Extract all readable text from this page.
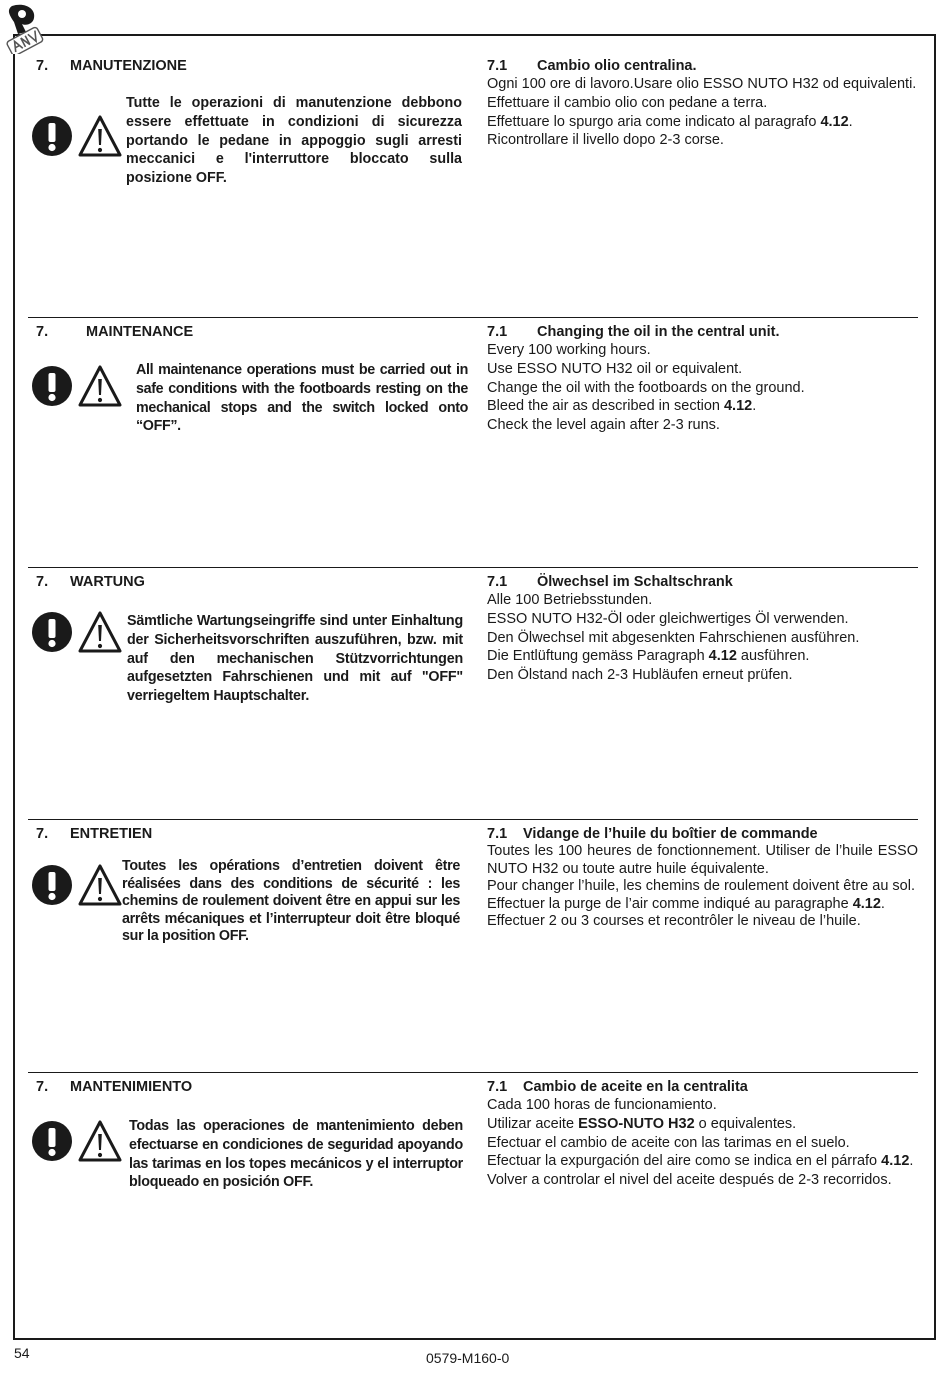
7. MANUTENZIONE
Tutte le operazioni di manutenzione debbono essere effettuate in condizioni di sicurezza portando le pedane in appoggio sugli arresti meccanici e l'interruttore bloccato sulla posizione OFF.
7.1 Cambio olio centralina.

Ogni 100 ore di lavoro.Usare olio ESSO NUTO H32 od equivalenti.

Effettuare il cambio olio con pedane a terra.

Effettuare lo spurgo aria come indicato al paragrafo 4.12.

Ricontrollare il livello dopo 2-3 corse.

7.	MAINTENANCE
All maintenance operations must be carried out in safe conditions with the footboards resting on the mechanical stops and the switch locked onto “OFF”.
7.1 Changing the oil in the central unit.

Every 100 working hours.

Use ESSO NUTO H32 oil or equivalent.

Change the oil with the footboards on the ground.

Bleed the air as described in section 4.12.

Check the level again after 2-3 runs.

7. WARTUNG
Sämtliche Wartungseingriffe sind unter Einhaltung der Sicherheitsvorschriften auszuführen, bzw. mit auf den mechanischen Stützvorrichtungen aufgesetzten Fahrschienen und mit auf "OFF" verriegeltem Hauptschalter.
7.1 Ölwechsel im Schaltschrank

Alle 100 Betriebsstunden.

ESSO NUTO H32-Öl oder gleichwertiges Öl verwenden.

Den Ölwechsel mit abgesenkten Fahrschienen ausführen.

Die Entlüftung gemäss Paragraph 4.12 ausführen.

Den Ölstand nach 2-3 Hubläufen erneut prüfen.

7. ENTRETIEN
Toutes les opérations d’entretien doivent être réalisées dans des conditions de sécurité : les chemins de roulement doivent être en appui sur les arrêts mécaniques et l’interrupteur doit être bloqué sur la position OFF.
7.1 Vidange de l’huile du boîtier de commande

Toutes les 100 heures de fonctionnement. Utiliser de l’huile ESSO NUTO H32 ou toute autre huile équivalente.

Pour changer l’huile, les chemins de roulement doivent être au sol.

Effectuer la purge de l’air comme indiqué au paragraphe 4.12.

Effectuer 2 ou 3 courses et recontrôler le niveau de l’huile.

7. MANTENIMIENTO
Todas las operaciones de mantenimiento deben efectuarse en condiciones de seguridad apoyando las tarimas en los topes mecánicos y el interruptor bloqueado en posición OFF.
7.1 Cambio de aceite en la centralita

Cada 100 horas de funcionamiento.

Utilizar aceite ESSO-NUTO H32 o equivalentes.

Efectuar el cambio de aceite con las tarimas en el suelo.

Efectuar la expurgación del aire como se indica en el párrafo 4.12.

Volver a controlar el nivel del aceite después de 2-3 recorridos.

54	0579-M160-0
